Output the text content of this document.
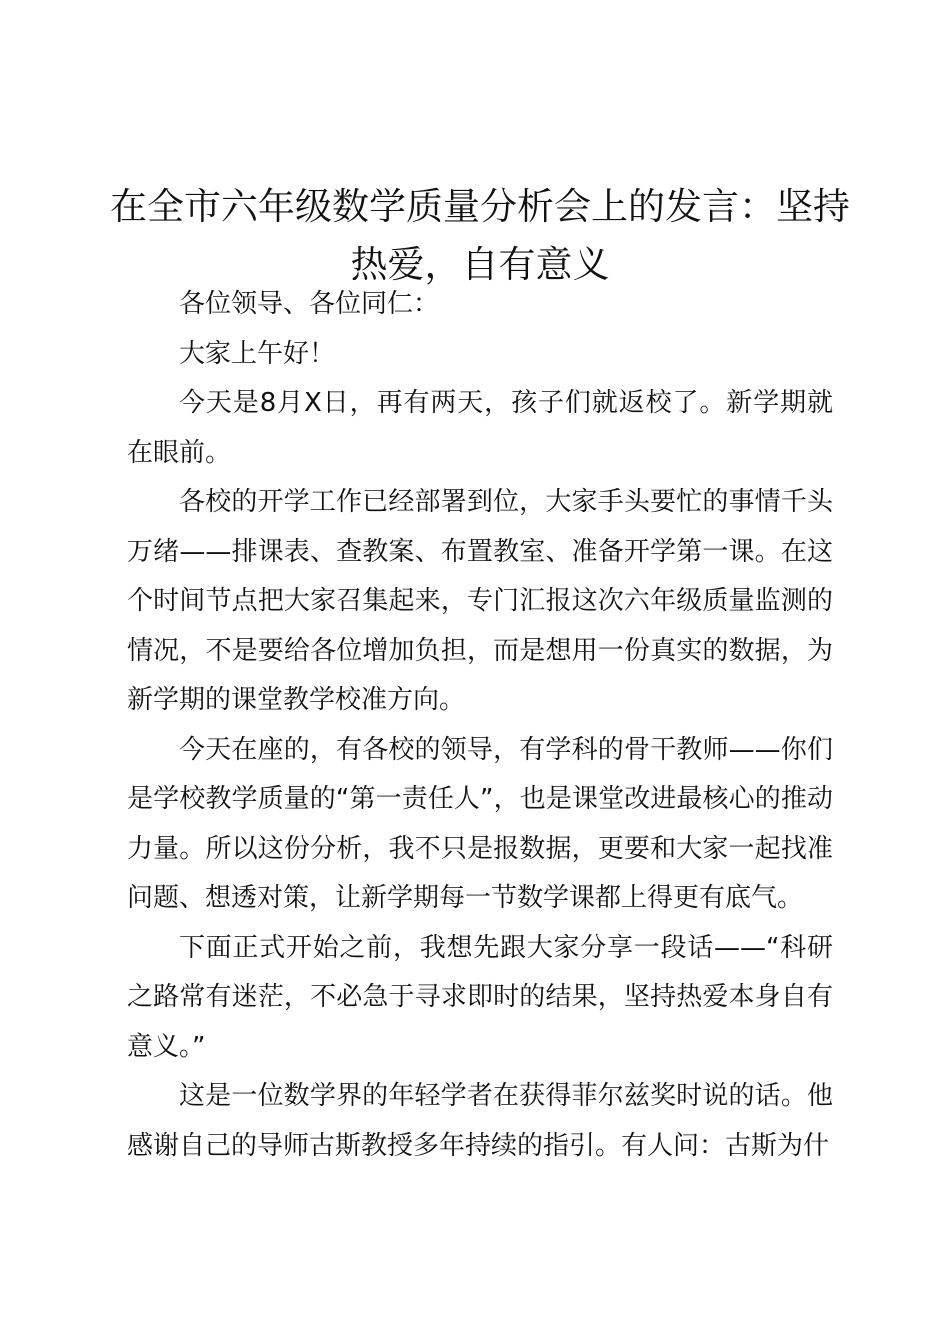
在全市六年级数学质量分析会上的发言：坚持
热爱，自有意义

各位领导、各位同仁：

大家上午好！

今天是8月X日，再有两天，孩子们就返校了。新学期就在眼前。

各校的开学工作已经部署到位，大家手头要忙的事情千头万绪——排课表、查教案、布置教室、准备开学第一课。在这个时间节点把大家召集起来，专门汇报这次六年级质量监测的情况，不是要给各位增加负担，而是想用一份真实的数据，为新学期的课堂教学校准方向。

今天在座的，有各校的领导，有学科的骨干教师——你们是学校教学质量的“第一责任人”，也是课堂改进最核心的推动力量。所以这份分析，我不只是报数据，更要和大家一起找准问题、想透对策，让新学期每一节数学课都上得更有底气。

下面正式开始之前，我想先跟大家分享一段话——“科研之路常有迷茫，不必急于寻求即时的结果，坚持热爱本身自有意义。”

这是一位数学界的年轻学者在获得菲尔兹奖时说的话。他感谢自己的导师古斯教授多年持续的指引。有人问：古斯为什
